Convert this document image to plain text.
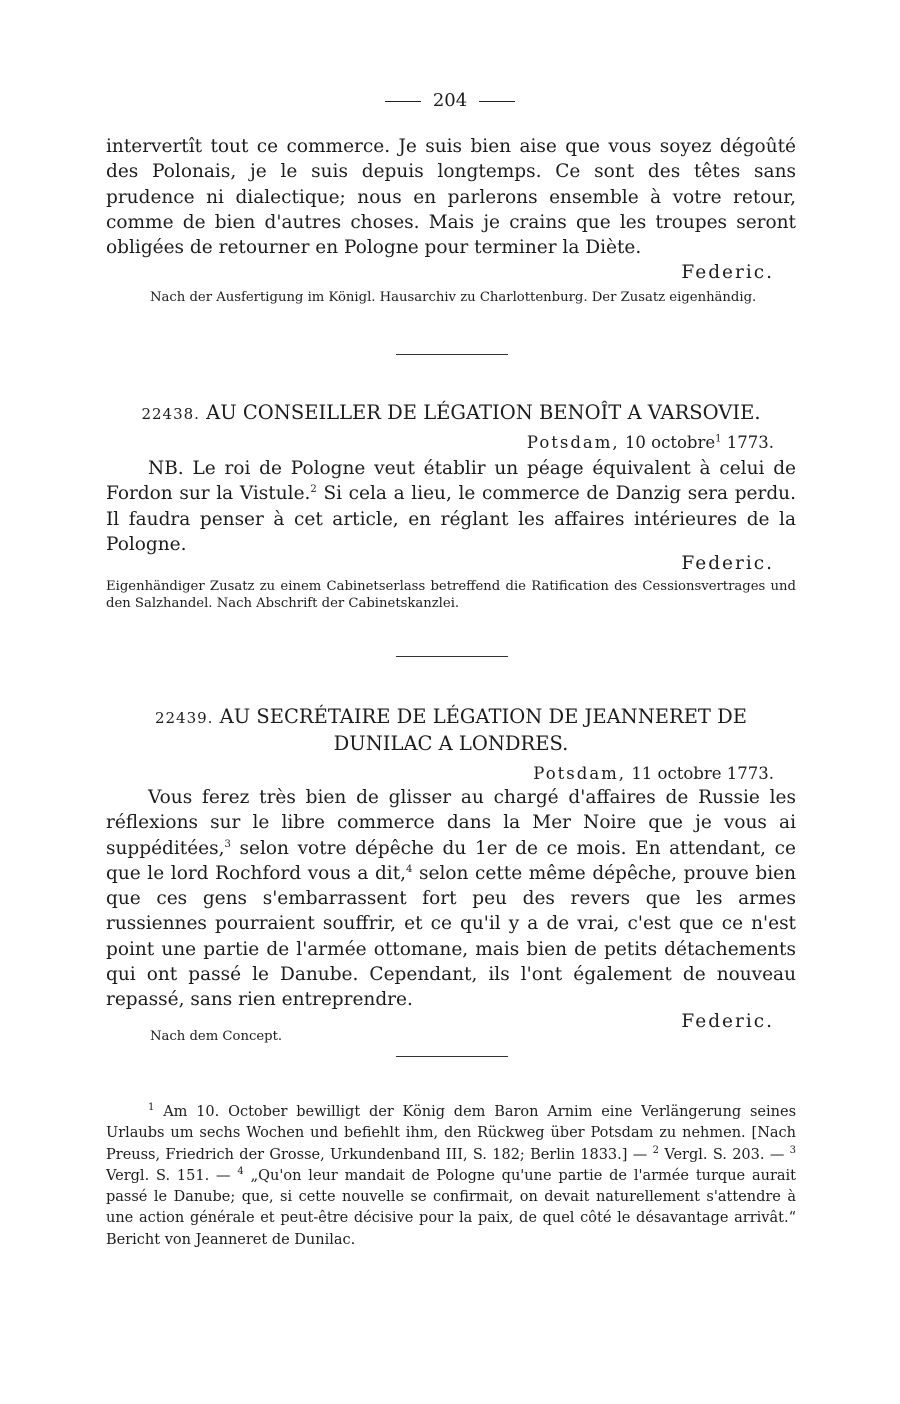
204

intervertît tout ce commerce. Je suis bien aise que vous soyez dégoûté des Polonais, je le suis depuis longtemps. Ce sont des têtes sans prudence ni dialectique; nous en parlerons ensemble à votre retour, comme de bien d'autres choses. Mais je crains que les troupes seront obligées de retourner en Pologne pour terminer la Diète.

Federic.

Nach der Ausfertigung im Königl. Hausarchiv zu Charlottenburg. Der Zusatz eigenhändig.

22438. AU CONSEILLER DE LÉGATION BENOÎT A VARSOVIE.

Potsdam, 10 octobre$^1$ 1773.

NB. Le roi de Pologne veut établir un péage équivalent à celui de Fordon sur la Vistule.$^2$ Si cela a lieu, le commerce de Danzig sera perdu. Il faudra penser à cet article, en réglant les affaires intérieures de la Pologne.

Federic.

Eigenhändiger Zusatz zu einem Cabinetserlass betreffend die Ratification des Cessionsvertrages und den Salzhandel. Nach Abschrift der Cabinetskanzlei.

22439. AU SECRÉTAIRE DE LÉGATION DE JEANNERET DE
DUNILAC A LONDRES.

Potsdam, 11 octobre 1773.

Vous ferez très bien de glisser au chargé d'affaires de Russie les réflexions sur le libre commerce dans la Mer Noire que je vous ai suppéditées,$^3$ selon votre dépêche du 1er de ce mois. En attendant, ce que le lord Rochford vous a dit,$^4$ selon cette même dépêche, prouve bien que ces gens s'embarrassent fort peu des revers que les armes russiennes pourraient souffrir, et ce qu'il y a de vrai, c'est que ce n'est point une partie de l'armée ottomane, mais bien de petits détachements qui ont passé le Danube. Cependant, ils l'ont également de nouveau repassé, sans rien entreprendre.

Federic.

Nach dem Concept.

$^1$ Am 10. October bewilligt der König dem Baron Arnim eine Verlängerung seines Urlaubs um sechs Wochen und befiehlt ihm, den Rückweg über Potsdam zu nehmen. [Nach Preuss, Friedrich der Grosse, Urkundenband III, S. 182; Berlin 1833.] — $^2$ Vergl. S. 203. — $^3$ Vergl. S. 151. — $^4$ „Qu'on leur mandait de Pologne qu'une partie de l'armée turque aurait passé le Danube; que, si cette nouvelle se confirmait, on devait naturellement s'attendre à une action générale et peut-être décisive pour la paix, de quel côté le désavantage arrivât.“ Bericht von Jeanneret de Dunilac.
